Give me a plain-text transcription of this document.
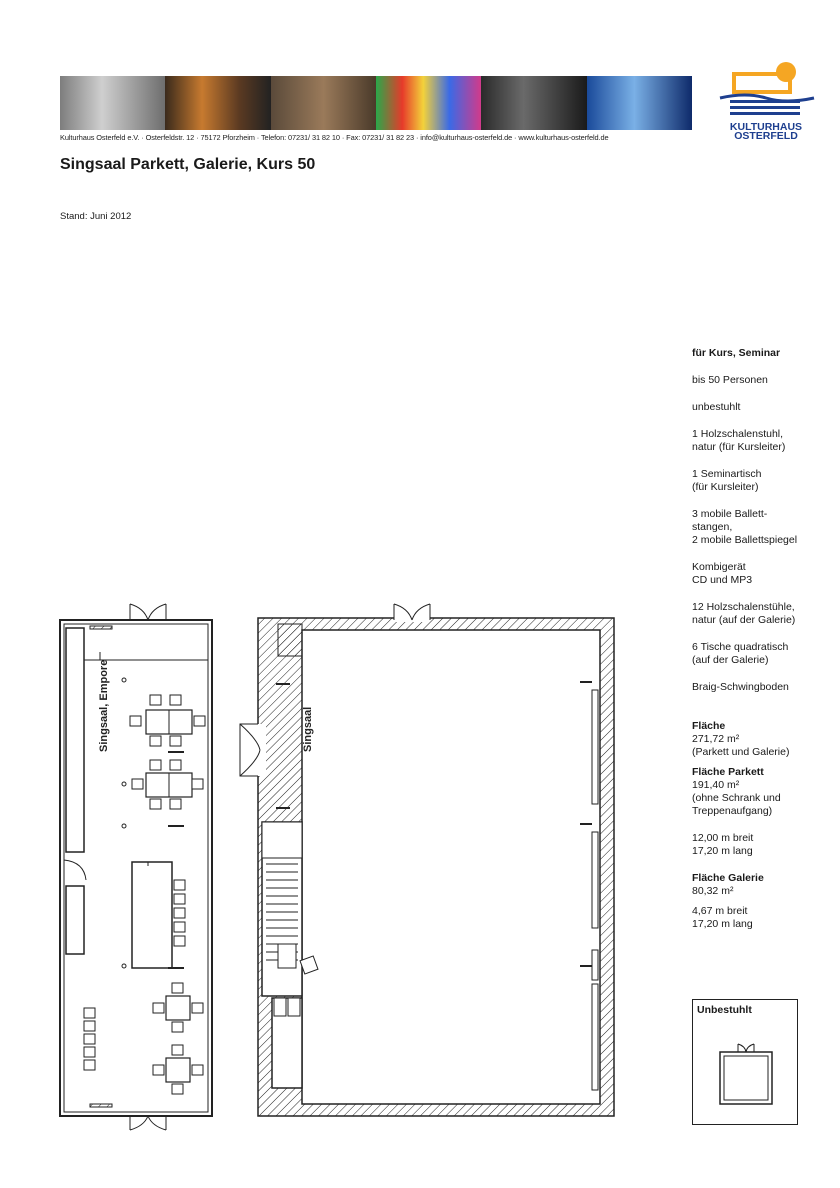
Kulturhaus Osterfeld e.V. · Osterfeldstr. 12 · 75172 Pforzheim · Telefon: 07231/ 31 82 10 · Fax: 07231/ 31 82 23 · info@kulturhaus-osterfeld.de · www.kulturhaus-osterfeld.de
KULTURHAUS
OSTERFELD
Singsaal Parkett, Galerie, Kurs 50
Stand: Juni 2012

für Kurs, Seminar

bis 50 Personen

unbestuhlt

1 Holzschalenstuhl,
natur (für Kursleiter)

1 Seminartisch
(für Kursleiter)

3 mobile Ballett-
stangen,
2 mobile Ballettspiegel

Kombigerät
CD und MP3

12 Holzschalenstühle,
natur (auf der Galerie)

6 Tische quadratisch
(auf der Galerie)

Braig-Schwingboden

Fläche
271,72 m²
(Parkett und Galerie)

Fläche Parkett
191,40 m²
(ohne Schrank und
Treppenaufgang)

12,00 m breit
17,20 m lang

Fläche Galerie
80,32 m²

4,67 m breit
17,20 m lang

Singsaal, Empore	Singsaal
Unbestuhlt
